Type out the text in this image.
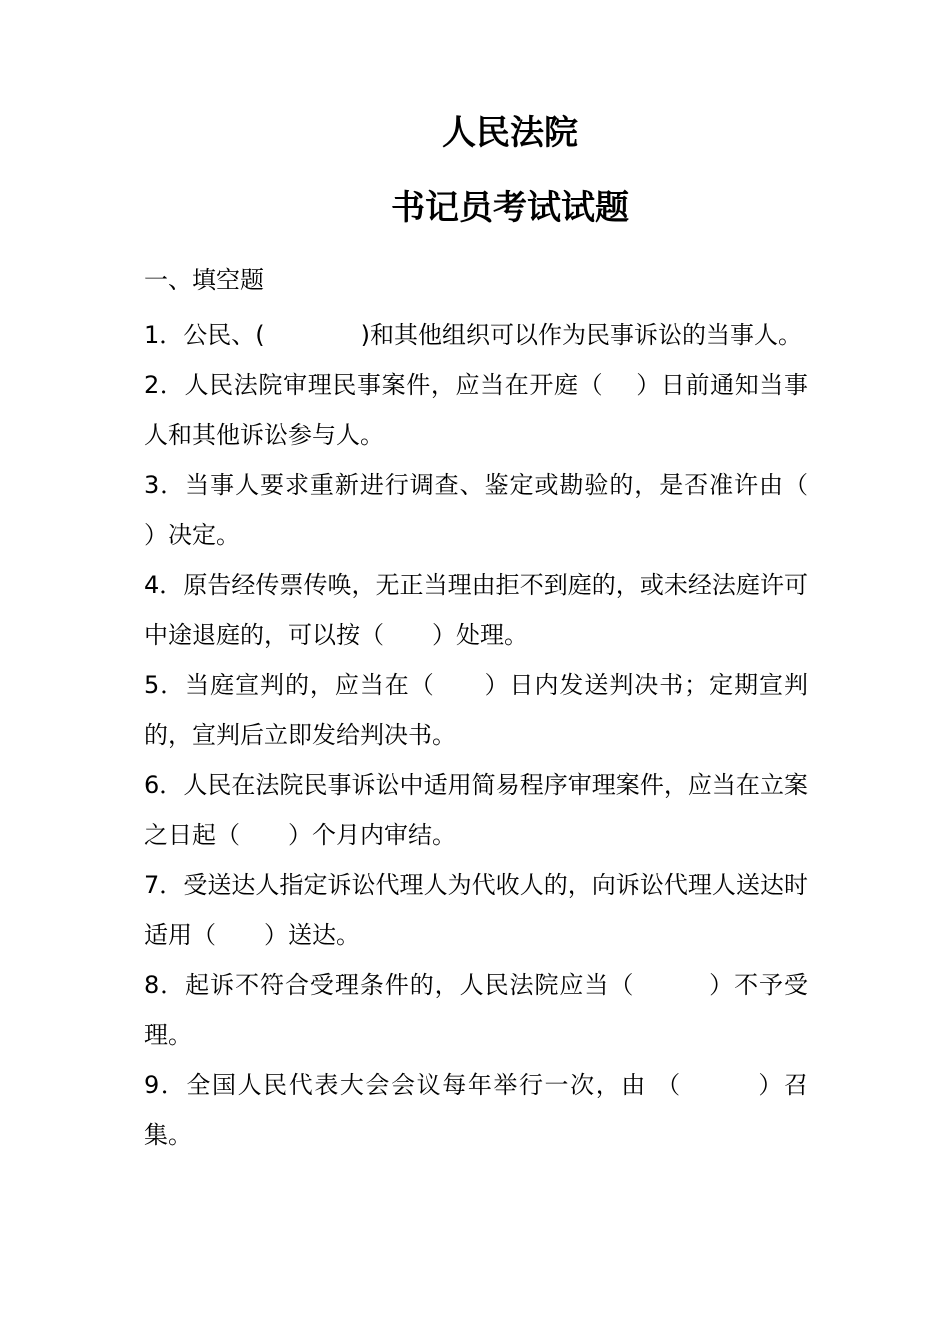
人民法院
书记员考试试题
一、填空题
1．公民、(　　　　)和其他组织可以作为民事诉讼的当事人。
2．人民法院审理民事案件，应当在开庭（　 ）日前通知当事人和其他诉讼参与人。
3．当事人要求重新进行调查、鉴定或勘验的，是否准许由（　　　）决定。
4．原告经传票传唤，无正当理由拒不到庭的，或未经法庭许可中途退庭的，可以按（　　）处理。
5．当庭宣判的，应当在（　　）日内发送判决书；定期宣判的，宣判后立即发给判决书。
6．人民在法院民事诉讼中适用简易程序审理案件，应当在立案之日起（　　）个月内审结。
7．受送达人指定诉讼代理人为代收人的，向诉讼代理人送达时适用（　　）送达。
8．起诉不符合受理条件的，人民法院应当（　　　）不予受理。
9．全国人民代表大会会议每年举行一次，由 （　　　）召集。
